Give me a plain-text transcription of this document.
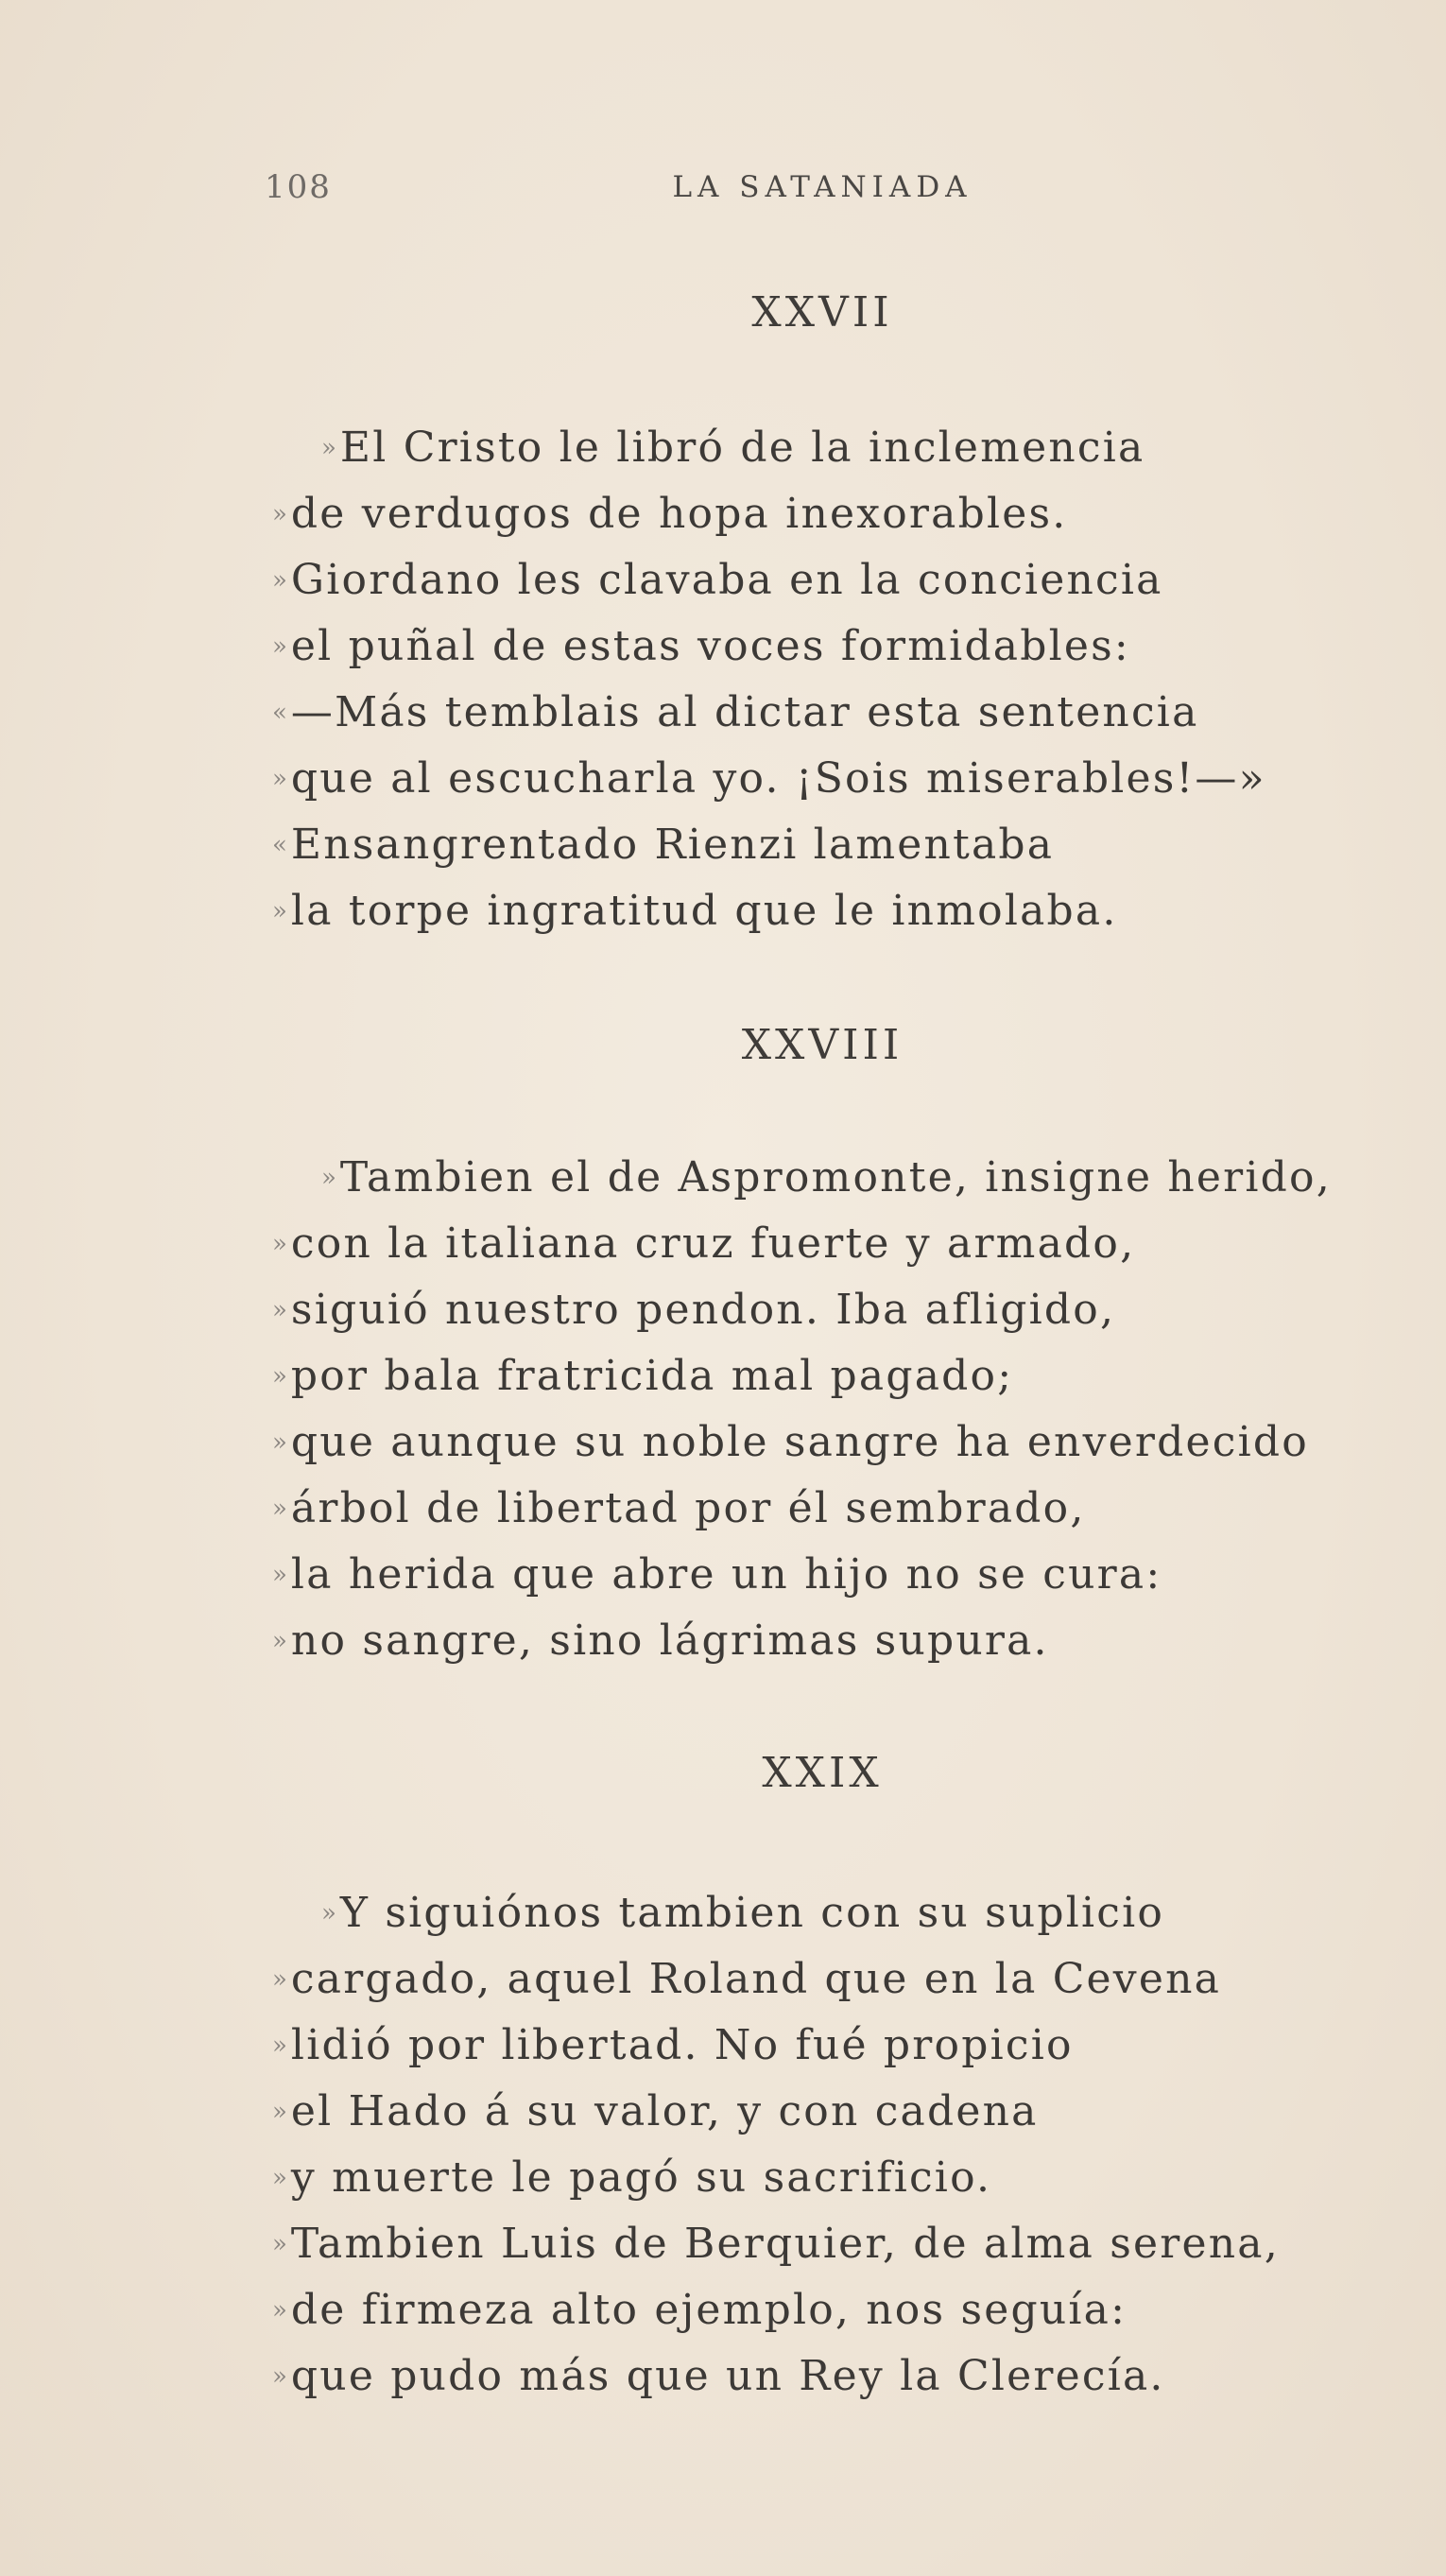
108	LA SATANIADA
XXVII
»El Cristo le libró de la inclemencia
»de verdugos de hopa inexorables.
»Giordano les clavaba en la conciencia
»el puñal de estas voces formidables:
«—Más temblais al dictar esta sentencia
»que al escucharla yo. ¡Sois miserables!—»
«Ensangrentado Rienzi lamentaba
»la torpe ingratitud que le inmolaba.
XXVIII
»Tambien el de Aspromonte, insigne herido,
»con la italiana cruz fuerte y armado,
»siguió nuestro pendon. Iba afligido,
»por bala fratricida mal pagado;
»que aunque su noble sangre ha enverdecido
»árbol de libertad por él sembrado,
»la herida que abre un hijo no se cura:
»no sangre, sino lágrimas supura.
XXIX
»Y siguiónos tambien con su suplicio
»cargado, aquel Roland que en la Cevena
»lidió por libertad. No fué propicio
»el Hado á su valor, y con cadena
»y muerte le pagó su sacrificio.
»Tambien Luis de Berquier, de alma serena,
»de firmeza alto ejemplo, nos seguía:
»que pudo más que un Rey la Clerecía.
